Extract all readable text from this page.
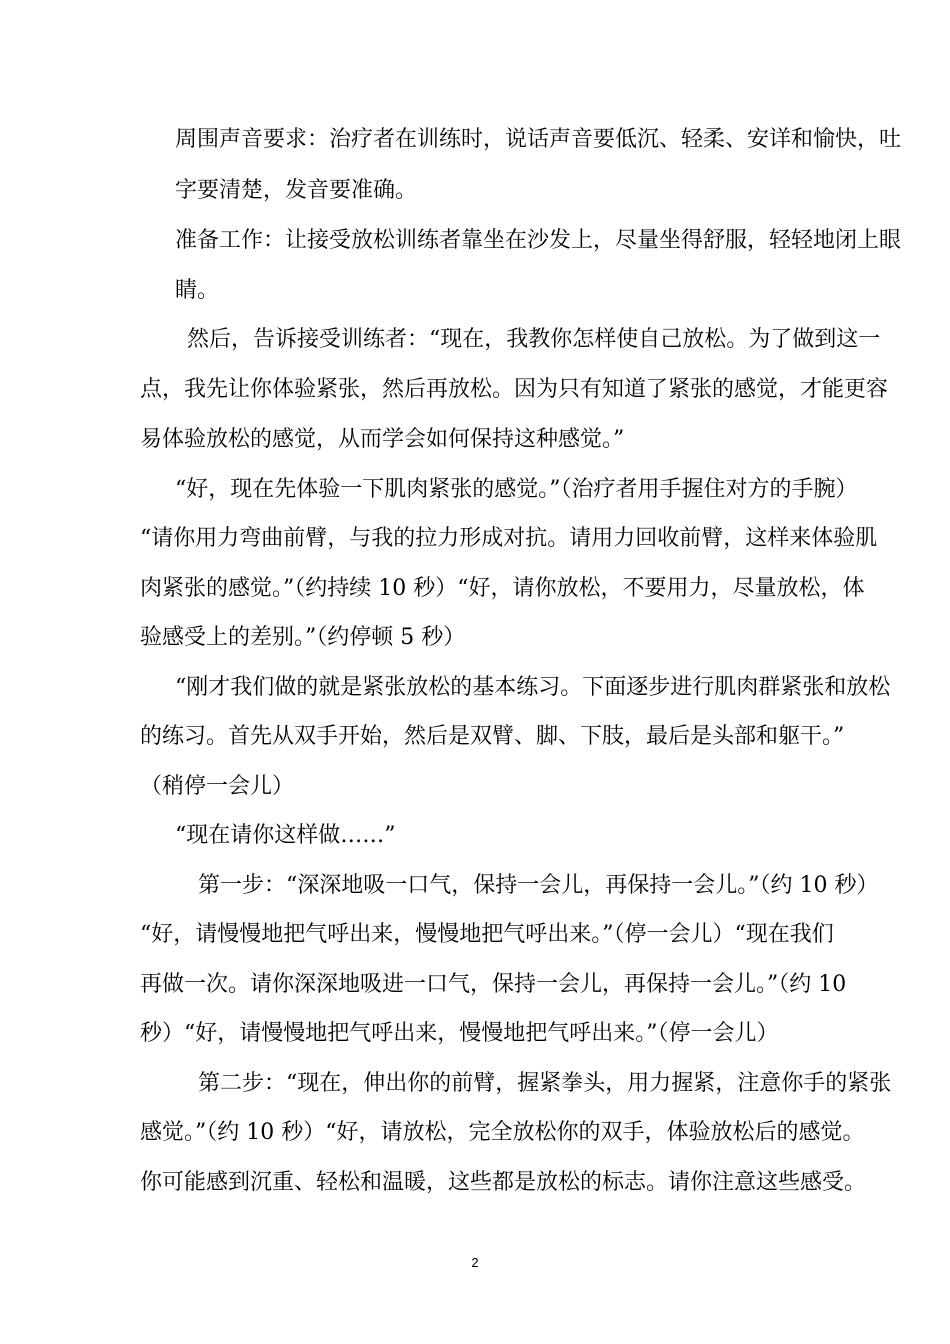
周围声音要求：治疗者在训练时，说话声音要低沉、轻柔、安详和愉快，吐

字要清楚，发音要准确。

准备工作：让接受放松训练者靠坐在沙发上，尽量坐得舒服，轻轻地闭上眼

睛。

然后，告诉接受训练者：“现在，我教你怎样使自己放松。为了做到这一

点，我先让你体验紧张，然后再放松。因为只有知道了紧张的感觉，才能更容

易体验放松的感觉，从而学会如何保持这种感觉。”

“好，现在先体验一下肌肉紧张的感觉。”（治疗者用手握住对方的手腕）

“请你用力弯曲前臂，与我的拉力形成对抗。请用力回收前臂，这样来体验肌

肉紧张的感觉。”（约持续 10 秒）“好，请你放松，不要用力，尽量放松，体

验感受上的差别。”（约停顿 5 秒）

“刚才我们做的就是紧张放松的基本练习。下面逐步进行肌肉群紧张和放松

的练习。首先从双手开始，然后是双臂、脚、下肢，最后是头部和躯干。”

（稍停一会儿）

“现在请你这样做……”

第一步：“深深地吸一口气，保持一会儿，再保持一会儿。”（约 10 秒）

“好，请慢慢地把气呼出来，慢慢地把气呼出来。”（停一会儿）“现在我们

再做一次。请你深深地吸进一口气，保持一会儿，再保持一会儿。”（约 10

秒）“好，请慢慢地把气呼出来，慢慢地把气呼出来。”（停一会儿）

第二步：“现在，伸出你的前臂，握紧拳头，用力握紧，注意你手的紧张

感觉。”（约 10 秒）“好，请放松，完全放松你的双手，体验放松后的感觉。

你可能感到沉重、轻松和温暖，这些都是放松的标志。请你注意这些感受。

2
